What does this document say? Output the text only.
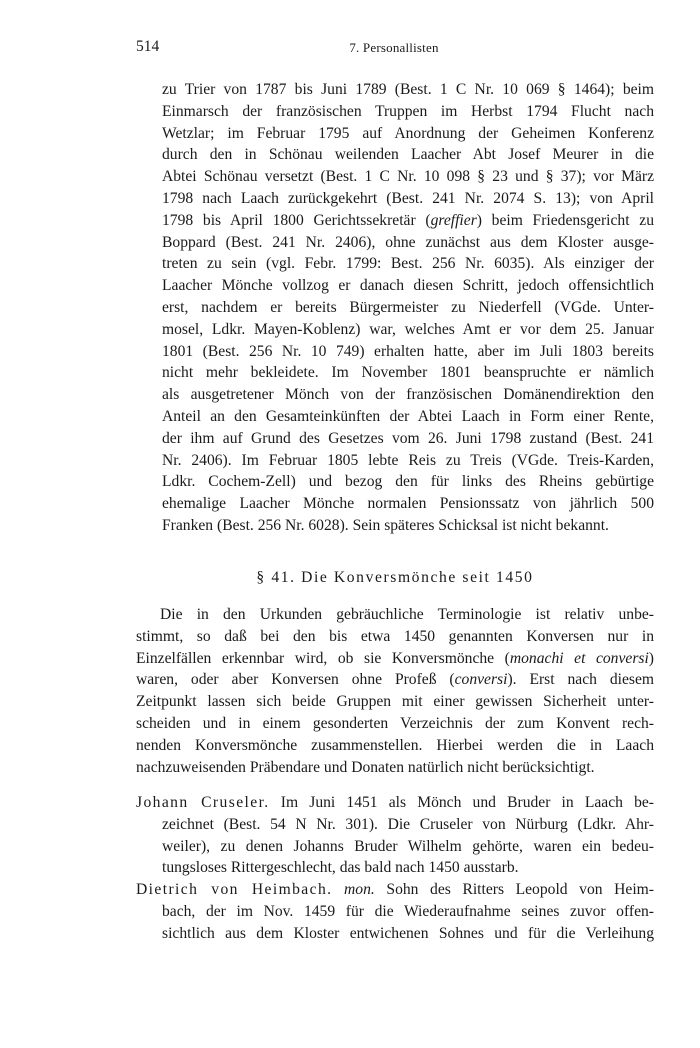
514	7. Personallisten
zu Trier von 1787 bis Juni 1789 (Best. 1 C Nr. 10 069 § 1464); beim
Einmarsch der französischen Truppen im Herbst 1794 Flucht nach
Wetzlar; im Februar 1795 auf Anordnung der Geheimen Konferenz
durch den in Schönau weilenden Laacher Abt Josef Meurer in die
Abtei Schönau versetzt (Best. 1 C Nr. 10 098 § 23 und § 37); vor März
1798 nach Laach zurückgekehrt (Best. 241 Nr. 2074 S. 13); von April
1798 bis April 1800 Gerichtssekretär (greffier) beim Friedensgericht zu
Boppard (Best. 241 Nr. 2406), ohne zunächst aus dem Kloster ausge-
treten zu sein (vgl. Febr. 1799: Best. 256 Nr. 6035). Als einziger der
Laacher Mönche vollzog er danach diesen Schritt, jedoch offensichtlich
erst, nachdem er bereits Bürgermeister zu Niederfell (VGde. Unter-
mosel, Ldkr. Mayen-Koblenz) war, welches Amt er vor dem 25. Januar
1801 (Best. 256 Nr. 10 749) erhalten hatte, aber im Juli 1803 bereits
nicht mehr bekleidete. Im November 1801 beanspruchte er nämlich
als ausgetretener Mönch von der französischen Domänendirektion den
Anteil an den Gesamteinkünften der Abtei Laach in Form einer Rente,
der ihm auf Grund des Gesetzes vom 26. Juni 1798 zustand (Best. 241
Nr. 2406). Im Februar 1805 lebte Reis zu Treis (VGde. Treis-Karden,
Ldkr. Cochem-Zell) und bezog den für links des Rheins gebürtige
ehemalige Laacher Mönche normalen Pensionssatz von jährlich 500
Franken (Best. 256 Nr. 6028). Sein späteres Schicksal ist nicht bekannt.
§ 41. Die Konversmönche seit 1450
Die in den Urkunden gebräuchliche Terminologie ist relativ unbe-
stimmt, so daß bei den bis etwa 1450 genannten Konversen nur in
Einzelfällen erkennbar wird, ob sie Konversmönche (monachi et conversi)
waren, oder aber Konversen ohne Profeß (conversi). Erst nach diesem
Zeitpunkt lassen sich beide Gruppen mit einer gewissen Sicherheit unter-
scheiden und in einem gesonderten Verzeichnis der zum Konvent rech-
nenden Konversmönche zusammenstellen. Hierbei werden die in Laach
nachzuweisenden Präbendare und Donaten natürlich nicht berücksichtigt.
Johann Cruseler. Im Juni 1451 als Mönch und Bruder in Laach be-
zeichnet (Best. 54 N Nr. 301). Die Cruseler von Nürburg (Ldkr. Ahr-
weiler), zu denen Johanns Bruder Wilhelm gehörte, waren ein bedeu-
tungsloses Rittergeschlecht, das bald nach 1450 ausstarb.
Dietrich von Heimbach. mon. Sohn des Ritters Leopold von Heim-
bach, der im Nov. 1459 für die Wiederaufnahme seines zuvor offen-
sichtlich aus dem Kloster entwichenen Sohnes und für die Verleihung
